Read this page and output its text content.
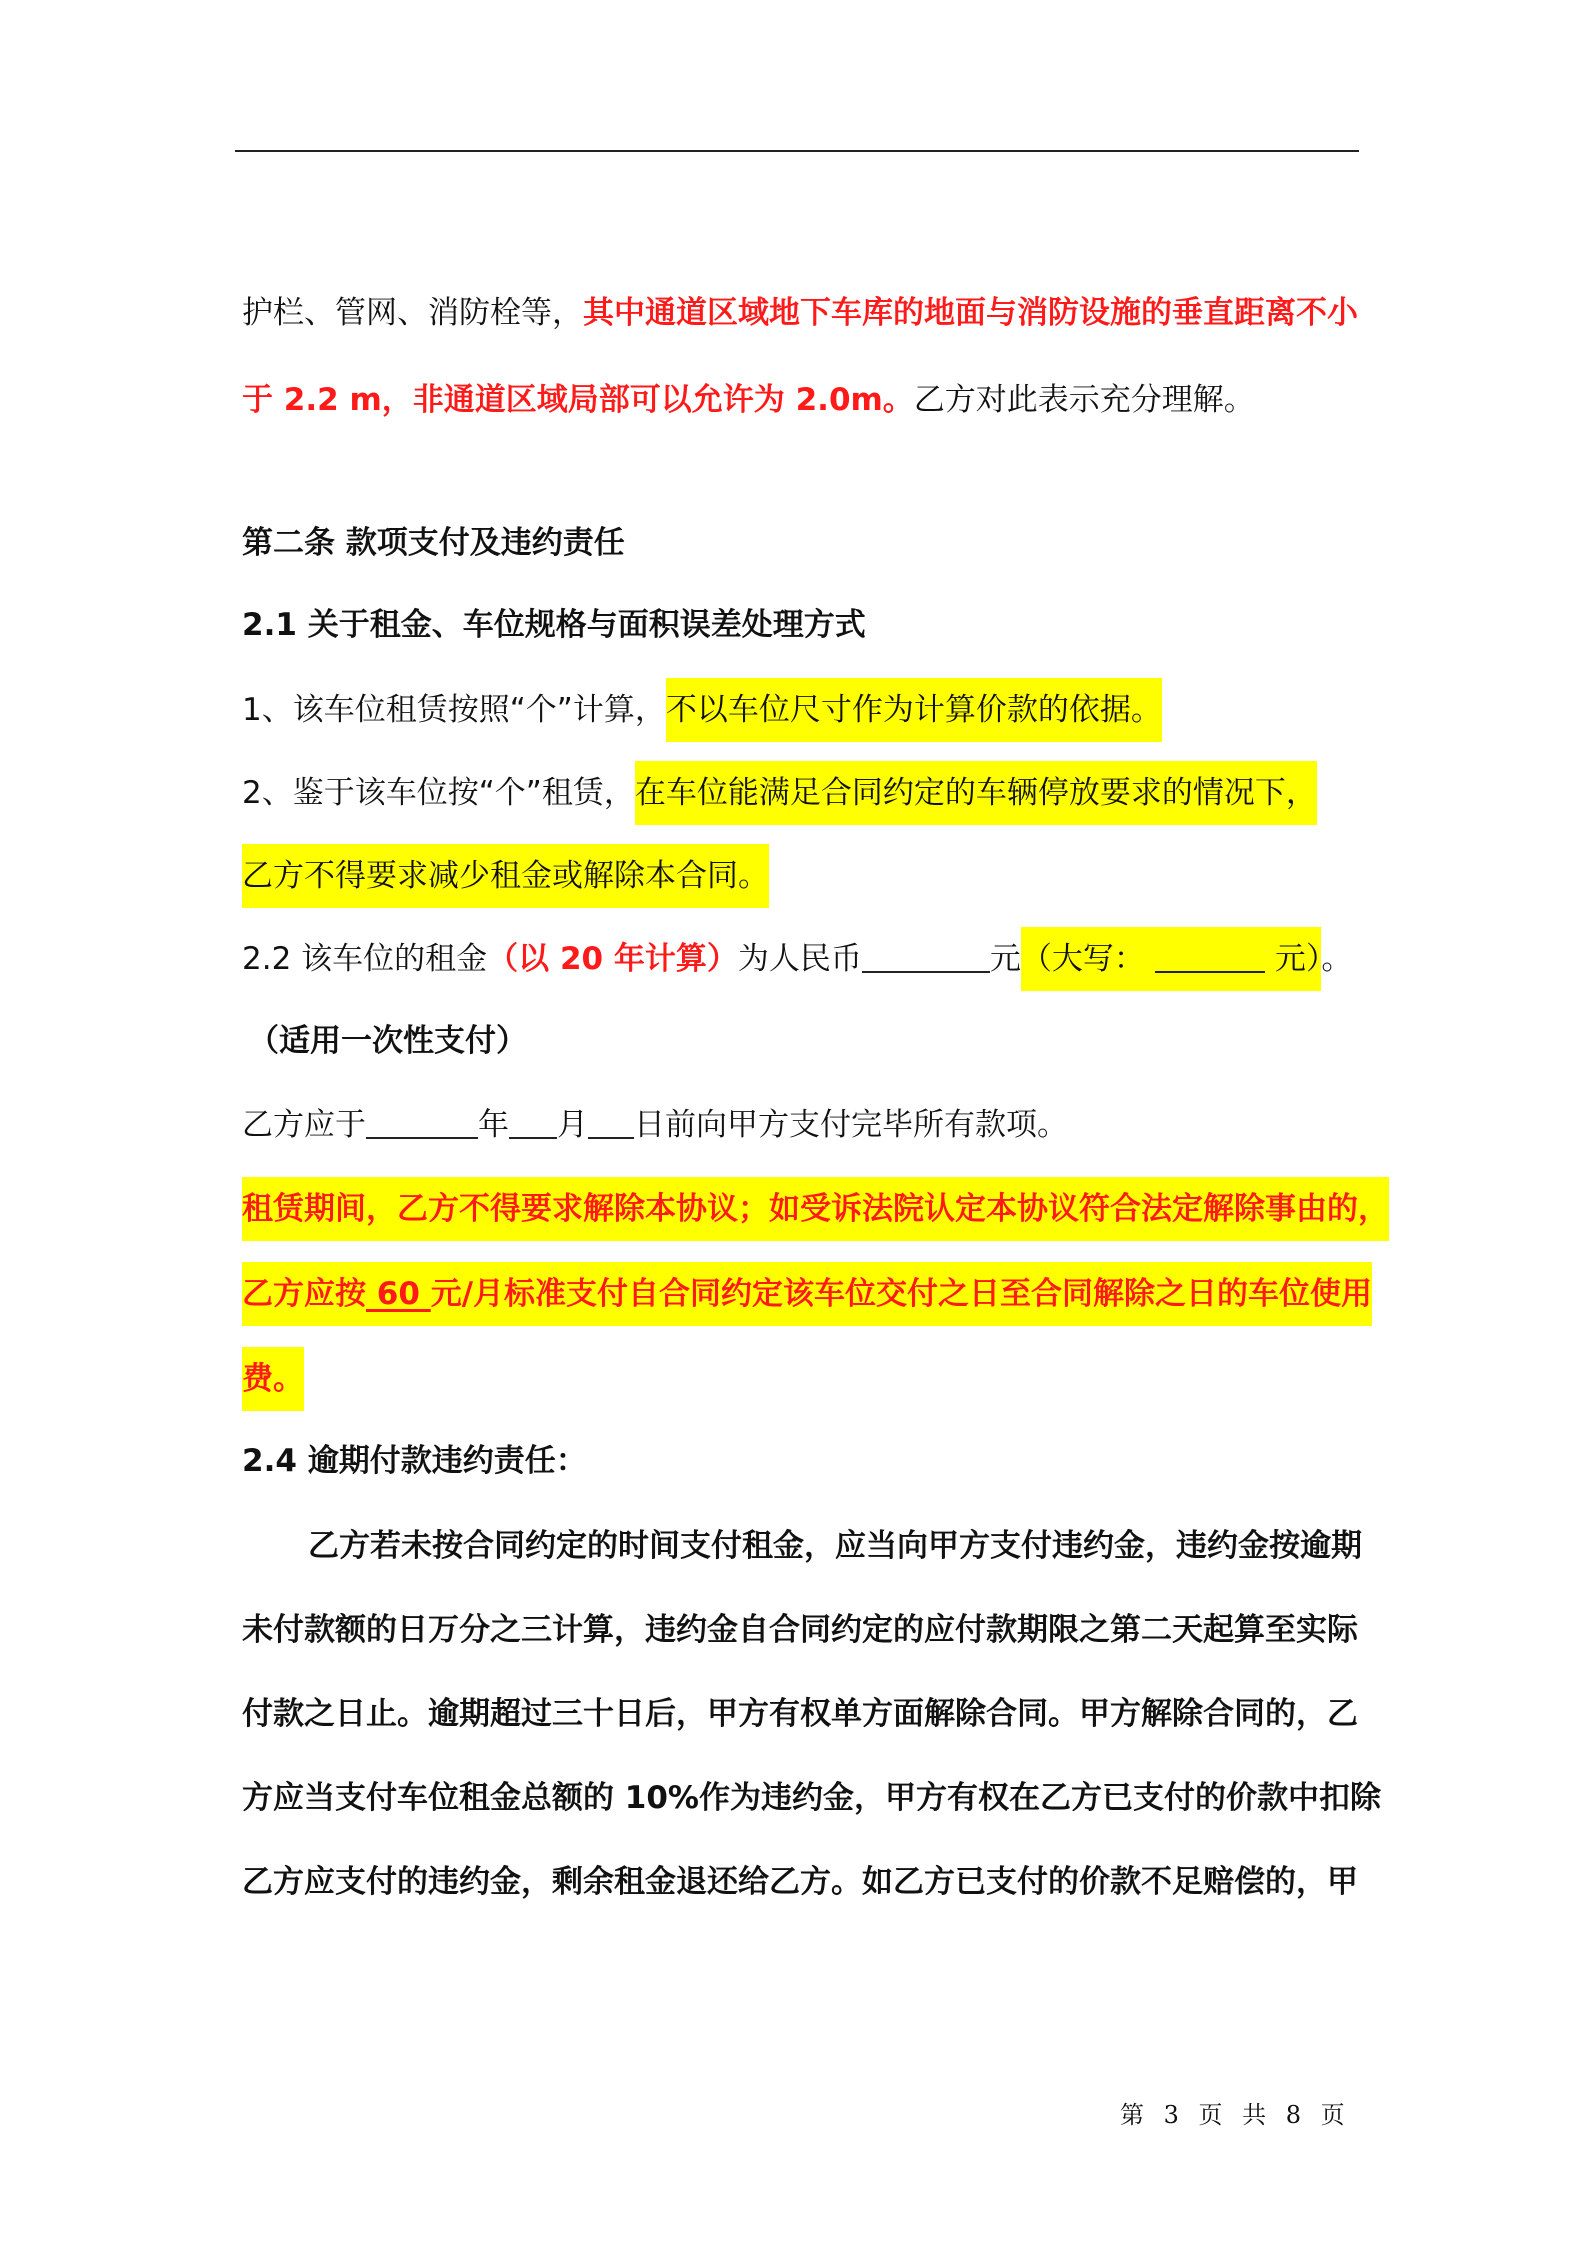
护栏、管网、消防栓等，其中通道区域地下车库的地面与消防设施的垂直距离不小
于 2.2 m，非通道区域局部可以允许为 2.0m。乙方对此表示充分理解。
第二条 款项支付及违约责任
2.1 关于租金、车位规格与面积误差处理方式
1、该车位租赁按照“个”计算，不以车位尺寸作为计算价款的依据。
2、鉴于该车位按“个”租赁，在车位能满足合同约定的车辆停放要求的情况下，
乙方不得要求减少租金或解除本合同。
2.2 该车位的租金（以 20 年计算）为人民币	元（大写：	元）。
（适用一次性支付）
乙方应于	年 月 日前向甲方支付完毕所有款项。
租赁期间，乙方不得要求解除本协议；如受诉法院认定本协议符合法定解除事由的，
乙方应按 60 元/月标准支付自合同约定该车位交付之日至合同解除之日的车位使用
费。
2.4 逾期付款违约责任：
乙方若未按合同约定的时间支付租金，应当向甲方支付违约金，违约金按逾期
未付款额的日万分之三计算，违约金自合同约定的应付款期限之第二天起算至实际
付款之日止。逾期超过三十日后，甲方有权单方面解除合同。甲方解除合同的，乙
方应当支付车位租金总额的 10%作为违约金，甲方有权在乙方已支付的价款中扣除
乙方应支付的违约金，剩余租金退还给乙方。如乙方已支付的价款不足赔偿的，甲
第 3 页 共 8 页
